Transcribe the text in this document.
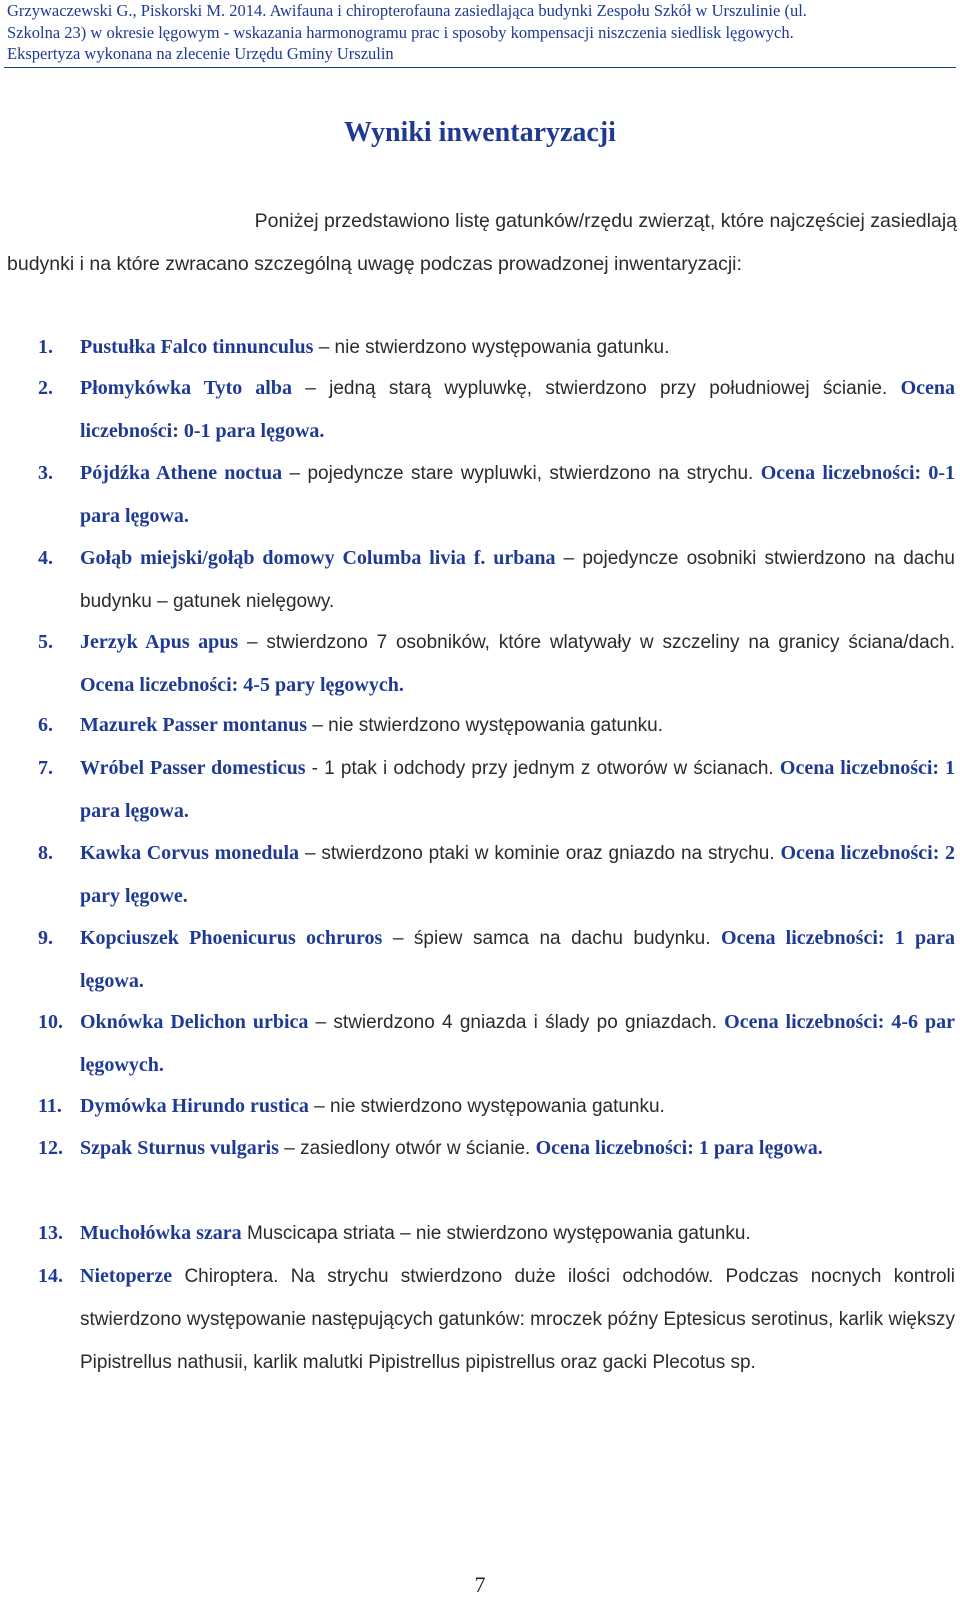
Grzywaczewski G., Piskorski M. 2014. Awifauna i chiropterofauna zasiedlająca budynki Zespołu Szkół w Urszulinie (ul.
Szkolna 23) w okresie lęgowym - wskazania harmonogramu prac i sposoby kompensacji niszczenia siedlisk lęgowych.
Ekspertyza wykonana na zlecenie Urzędu Gminy Urszulin
Wyniki inwentaryzacji

Poniżej przedstawiono listę gatunków/rzędu zwierząt, które najczęściej zasiedlają
budynki i na które zwracano szczególną uwagę podczas prowadzonej inwentaryzacji:

1. Pustułka Falco tinnunculus – nie stwierdzono występowania gatunku.
2. Płomykówka Tyto alba – jedną starą wypluwkę, stwierdzono przy południowej ścianie. Ocena liczebności: 0-1 para lęgowa.
3. Pójdźka Athene noctua – pojedyncze stare wypluwki, stwierdzono na strychu. Ocena liczebności: 0-1 para lęgowa.
4. Gołąb miejski/gołąb domowy Columba livia f. urbana – pojedyncze osobniki stwierdzono na dachu budynku – gatunek nielęgowy.
5. Jerzyk Apus apus – stwierdzono 7 osobników, które wlatywały w szczeliny na granicy ściana/dach. Ocena liczebności: 4-5 pary lęgowych.
6. Mazurek Passer montanus – nie stwierdzono występowania gatunku.
7. Wróbel Passer domesticus - 1 ptak i odchody przy jednym z otworów w ścianach. Ocena liczebności: 1 para lęgowa.
8. Kawka Corvus monedula – stwierdzono ptaki w kominie oraz gniazdo na strychu. Ocena liczebności: 2 pary lęgowe.
9. Kopciuszek Phoenicurus ochruros – śpiew samca na dachu budynku. Ocena liczebności: 1 para lęgowa.
10. Oknówka Delichon urbica – stwierdzono 4 gniazda i ślady po gniazdach. Ocena liczebności: 4-6 par lęgowych.
11. Dymówka Hirundo rustica – nie stwierdzono występowania gatunku.
12. Szpak Sturnus vulgaris – zasiedlony otwór w ścianie. Ocena liczebności: 1 para lęgowa.
13. Muchołówka szara Muscicapa striata – nie stwierdzono występowania gatunku.
14. Nietoperze Chiroptera. Na strychu stwierdzono duże ilości odchodów. Podczas nocnych kontroli stwierdzono występowanie następujących gatunków: mroczek późny Eptesicus serotinus, karlik większy Pipistrellus nathusii, karlik malutki Pipistrellus pipistrellus oraz gacki Plecotus sp.
7
